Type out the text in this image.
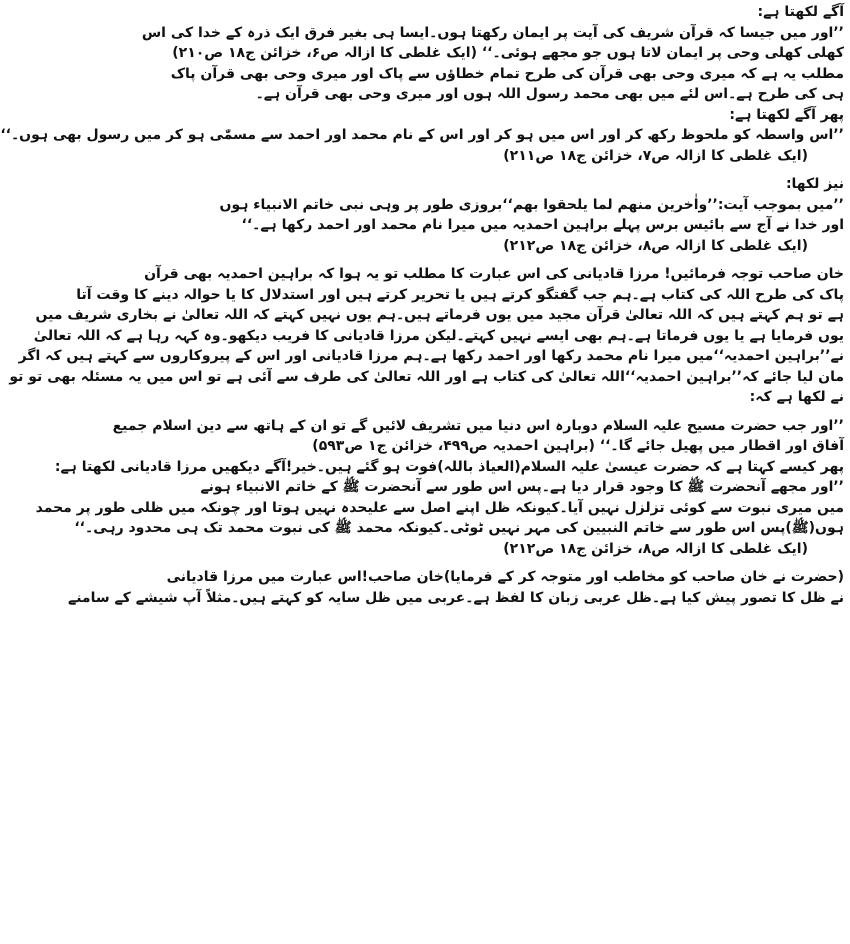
آگے لکھتا ہے:
’’اور میں جیسا کہ قرآن شریف کی آیت پر ایمان رکھتا ہوں۔ایسا ہی بغیر فرق ایک ذرہ کے خدا کی اس
کھلی کھلی وحی پر ایمان لاتا ہوں جو مجھے ہوئی۔‘‘ (ایک غلطی کا ازالہ ص۶، خزائن ج۱۸ ص۲۱۰)
مطلب یہ ہے کہ میری وحی بھی قرآن کی طرح تمام خطاؤں سے پاک اور میری وحی بھی قرآن پاک
ہی کی طرح ہے۔اس لئے میں بھی محمد رسول اللہ ہوں اور میری وحی بھی قرآن ہے۔
پھر آگے لکھتا ہے:
’’اس واسطہ کو ملحوظ رکھ کر اور اس میں ہو کر اور اس کے نام محمد اور احمد سے مسمّٰی ہو کر میں رسول بھی ہوں۔‘‘
(ایک غلطی کا ازالہ ص۷، خزائن ج۱۸ ص۲۱۱)
نیز لکھا:
’’میں بموجب آیت:’’واٰخرین منھم لما یلحقوا بھم‘‘بروزی طور پر وہی نبی خاتم الانبیاء ہوں
اور خدا نے آج سے بائیس برس پہلے براہین احمدیہ میں میرا نام محمد اور احمد رکھا ہے۔‘‘
(ایک غلطی کا ازالہ ص۸، خزائن ج۱۸ ص۲۱۲)
خان صاحب توجہ فرمائیں! مرزا قادیانی کی اس عبارت کا مطلب تو یہ ہوا کہ براہین احمدیہ بھی قرآن
پاک کی طرح اللہ کی کتاب ہے۔ہم جب گفتگو کرتے ہیں یا تحریر کرتے ہیں اور استدلال کا یا حوالہ دینے کا وقت آتا
ہے تو ہم کہتے ہیں کہ اللہ تعالیٰ قرآن مجید میں یوں فرماتے ہیں۔ہم یوں نہیں کہتے کہ اللہ تعالیٰ نے بخاری شریف میں
یوں فرمایا ہے یا یوں فرماتا ہے۔ہم بھی ایسے نہیں کہتے۔لیکن مرزا قادیانی کا فریب دیکھو۔وہ کہہ رہا ہے کہ اللہ تعالیٰ
نے’’براہین احمدیہ‘‘میں میرا نام محمد رکھا اور احمد رکھا ہے۔ہم مرزا قادیانی اور اس کے پیروکاروں سے کہتے ہیں کہ اگر
مان لیا جائے کہ’’براہین احمدیہ‘‘اللہ تعالیٰ کی کتاب ہے اور اللہ تعالیٰ کی طرف سے آئی ہے تو اس میں یہ مسئلہ بھی تو تو
نے لکھا ہے کہ:
’’اور جب حضرت مسیح علیہ السلام دوبارہ اس دنیا میں تشریف لائیں گے تو ان کے ہاتھ سے دین اسلام جمیع
آفاق اور اقطار میں پھیل جائے گا۔‘‘ (براہین احمدیہ ص۴۹۹، خزائن ج۱ ص۵۹۳)
پھر کیسے کہتا ہے کہ حضرت عیسیٰ علیہ السلام(العیاذ باللہ)فوت ہو گئے ہیں۔خیر!آگے دیکھیں مرزا قادیانی لکھتا ہے:
’’اور مجھے آنحضرت ﷺ کا وجود قرار دیا ہے۔پس اس طور سے آنحضرت ﷺ کے خاتم الانبیاء ہونے
میں میری نبوت سے کوئی تزلزل نہیں آیا۔کیونکہ ظل اپنے اصل سے علیحدہ نہیں ہوتا اور چونکہ میں ظلی طور پر محمد
ہوں(ﷺ)پس اس طور سے خاتم النبیین کی مہر نہیں ٹوٹی۔کیونکہ محمد ﷺ کی نبوت محمد تک ہی محدود رہی۔‘‘
(ایک غلطی کا ازالہ ص۸، خزائن ج۱۸ ص۲۱۲)
(حضرت نے خان صاحب کو مخاطب اور متوجہ کر کے فرمایا)خان صاحب!اس عبارت میں مرزا قادیانی
نے ظل کا تصور پیش کیا ہے۔ظل عربی زبان کا لفظ ہے۔عربی میں ظل سایہ کو کہتے ہیں۔مثلاً آپ شیشے کے سامنے
